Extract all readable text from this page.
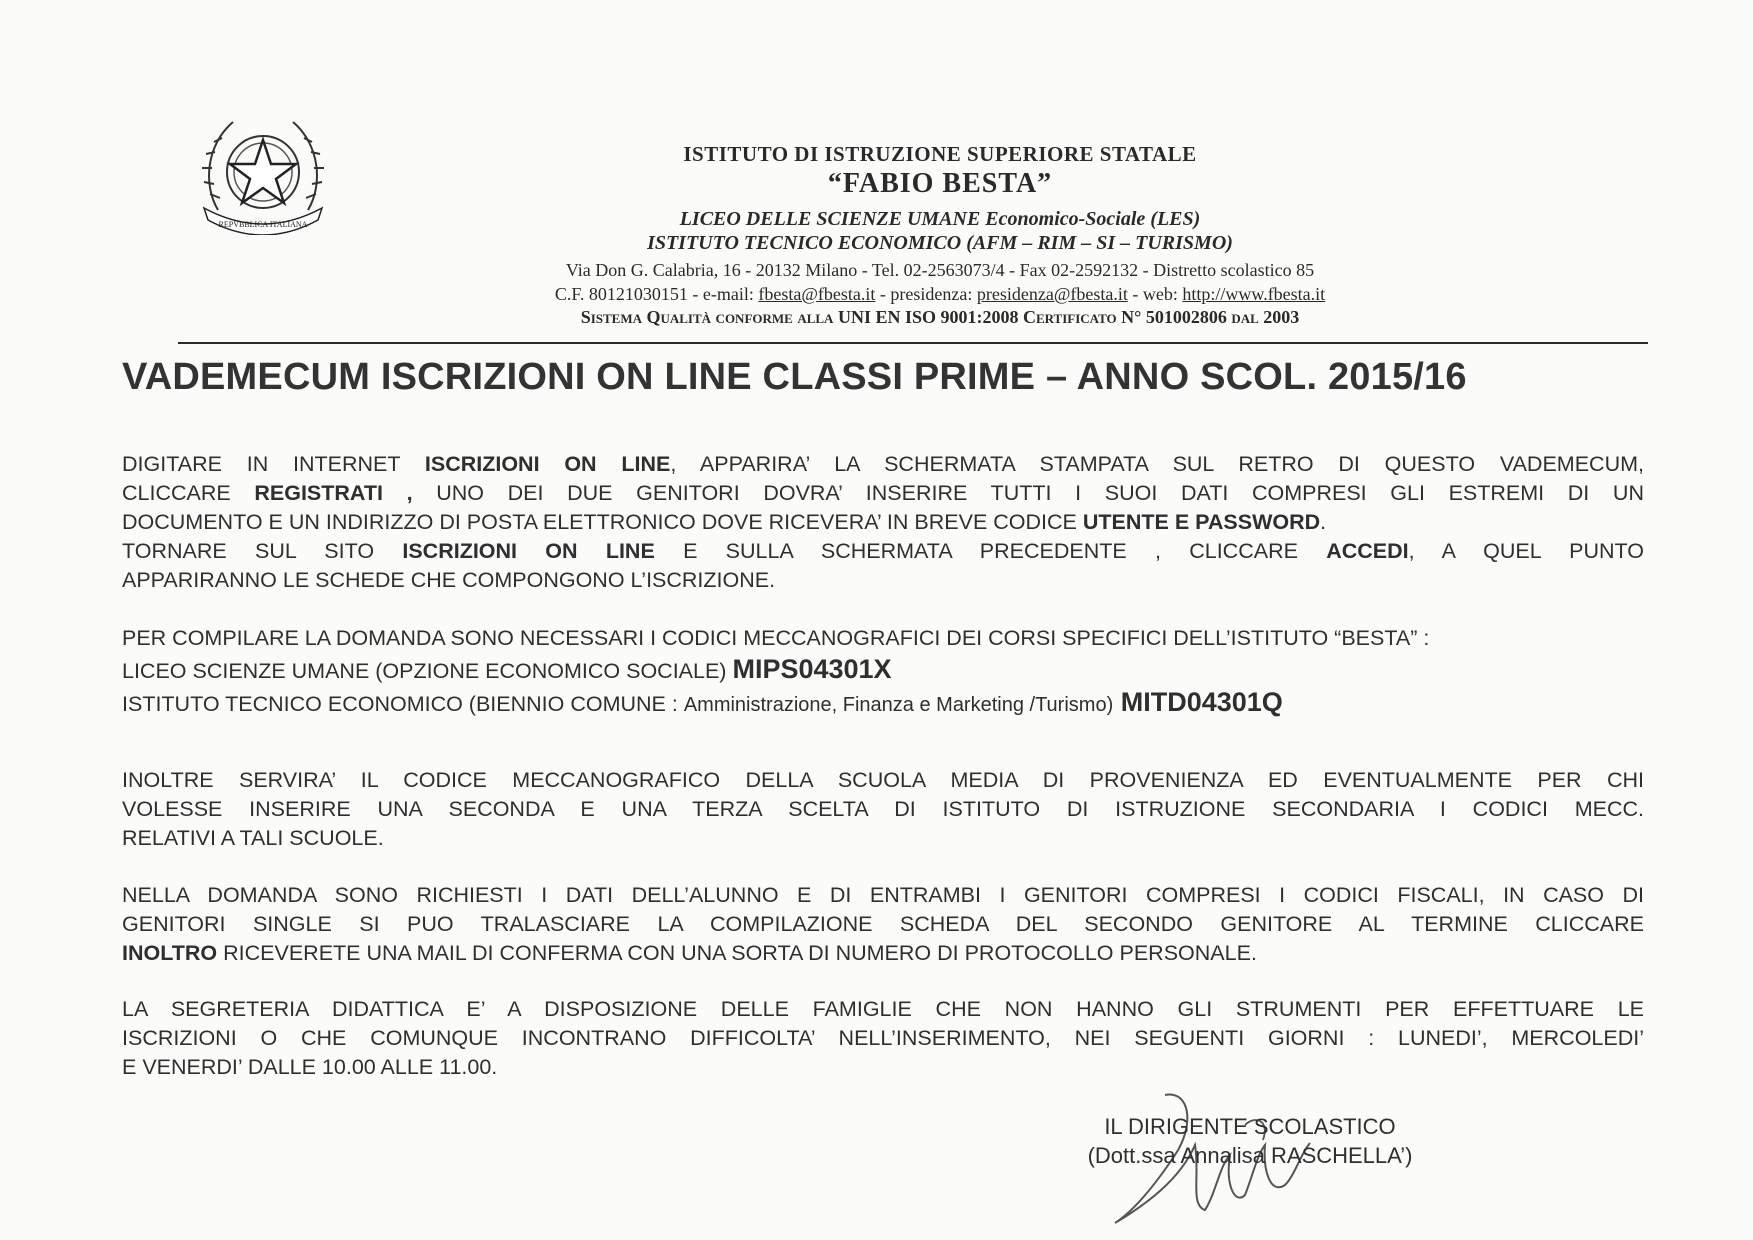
REPVBBLICA ITALIANA
ISTITUTO DI ISTRUZIONE SUPERIORE STATALE
“FABIO BESTA”
LICEO DELLE SCIENZE UMANE Economico-Sociale (LES)
ISTITUTO TECNICO ECONOMICO (AFM – RIM – SI – TURISMO)
Via Don G. Calabria, 16 - 20132 Milano - Tel. 02-2563073/4 - Fax 02-2592132 - Distretto scolastico 85
C.F. 80121030151 - e-mail: fbesta@fbesta.it - presidenza: presidenza@fbesta.it - web: http://www.fbesta.it
Sistema Qualità conforme alla UNI EN ISO 9001:2008 Certificato N° 501002806 dal 2003
VADEMECUM ISCRIZIONI ON LINE CLASSI PRIME – ANNO SCOL. 2015/16
DIGITARE IN INTERNET ISCRIZIONI ON LINE, APPARIRA’ LA SCHERMATA STAMPATA SUL RETRO DI QUESTO VADEMECUM,
CLICCARE REGISTRATI , UNO DEI DUE GENITORI DOVRA’ INSERIRE TUTTI I SUOI DATI COMPRESI GLI ESTREMI DI UN
DOCUMENTO E UN INDIRIZZO DI POSTA ELETTRONICO DOVE RICEVERA’ IN BREVE CODICE UTENTE E PASSWORD.
TORNARE SUL SITO ISCRIZIONI ON LINE E SULLA SCHERMATA PRECEDENTE , CLICCARE ACCEDI, A QUEL PUNTO
APPARIRANNO LE SCHEDE CHE COMPONGONO L’ISCRIZIONE.
PER COMPILARE LA DOMANDA SONO NECESSARI I CODICI MECCANOGRAFICI DEI CORSI SPECIFICI DELL’ISTITUTO “BESTA” :
LICEO SCIENZE UMANE (OPZIONE ECONOMICO SOCIALE) MIPS04301X
ISTITUTO TECNICO ECONOMICO (BIENNIO COMUNE : Amministrazione, Finanza e Marketing /Turismo) MITD04301Q
INOLTRE SERVIRA’ IL CODICE MECCANOGRAFICO DELLA SCUOLA MEDIA DI PROVENIENZA ED EVENTUALMENTE PER CHI
VOLESSE INSERIRE UNA SECONDA E UNA TERZA SCELTA DI ISTITUTO DI ISTRUZIONE SECONDARIA I CODICI MECC.
RELATIVI A TALI SCUOLE.
NELLA DOMANDA SONO RICHIESTI I DATI DELL’ALUNNO E DI ENTRAMBI I GENITORI COMPRESI I CODICI FISCALI, IN CASO DI
GENITORI SINGLE SI PUO TRALASCIARE LA COMPILAZIONE SCHEDA DEL SECONDO GENITORE AL TERMINE CLICCARE
INOLTRO RICEVERETE UNA MAIL DI CONFERMA CON UNA SORTA DI NUMERO DI PROTOCOLLO PERSONALE.
LA SEGRETERIA DIDATTICA E’ A DISPOSIZIONE DELLE FAMIGLIE CHE NON HANNO GLI STRUMENTI PER EFFETTUARE LE
ISCRIZIONI O CHE COMUNQUE INCONTRANO DIFFICOLTA’ NELL’INSERIMENTO, NEI SEGUENTI GIORNI : LUNEDI’, MERCOLEDI’
E VENERDI’ DALLE 10.00 ALLE 11.00.
IL DIRIGENTE SCOLASTICO
(Dott.ssa Annalisa RASCHELLA’)
